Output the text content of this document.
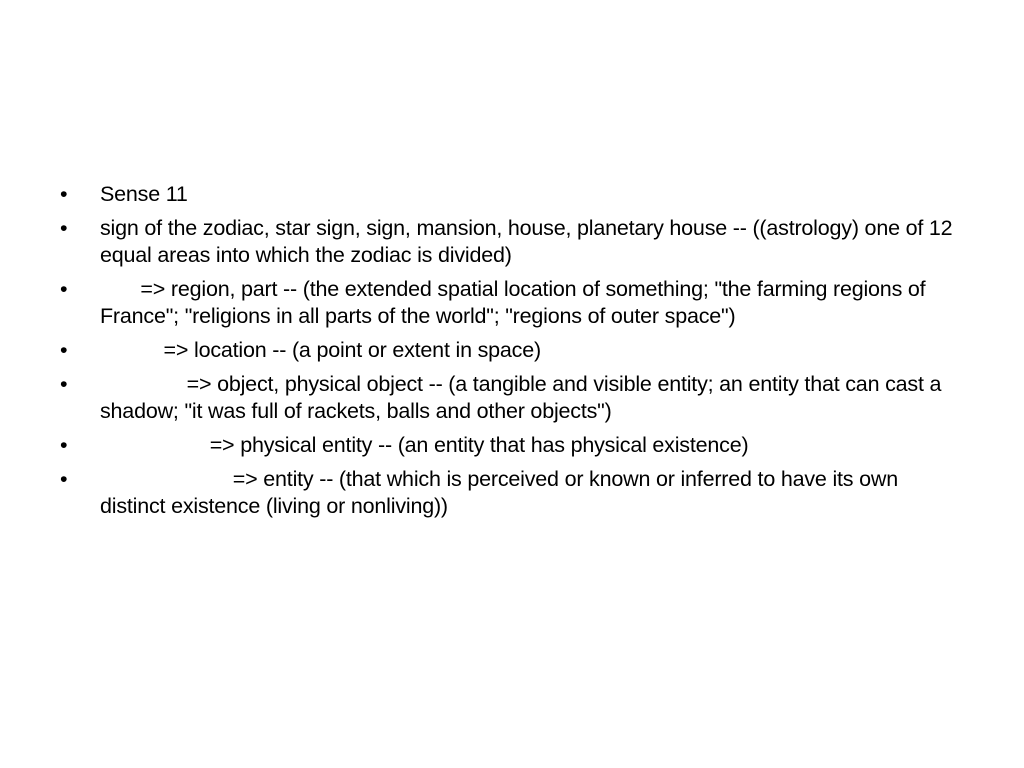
•	Sense 11
•	sign of the zodiac, star sign, sign, mansion, house, planetary house -- ((astrology) one of 12 equal areas into which the zodiac is divided)
•	=> region, part -- (the extended spatial location of something; "the farming regions of France"; "religions in all parts of the world"; "regions of outer space")
•	=> location -- (a point or extent in space)
•	=> object, physical object -- (a tangible and visible entity; an entity that can cast a shadow; "it was full of rackets, balls and other objects")
•	=> physical entity -- (an entity that has physical existence)
•	=> entity -- (that which is perceived or known or inferred to have its own distinct existence (living or nonliving))
